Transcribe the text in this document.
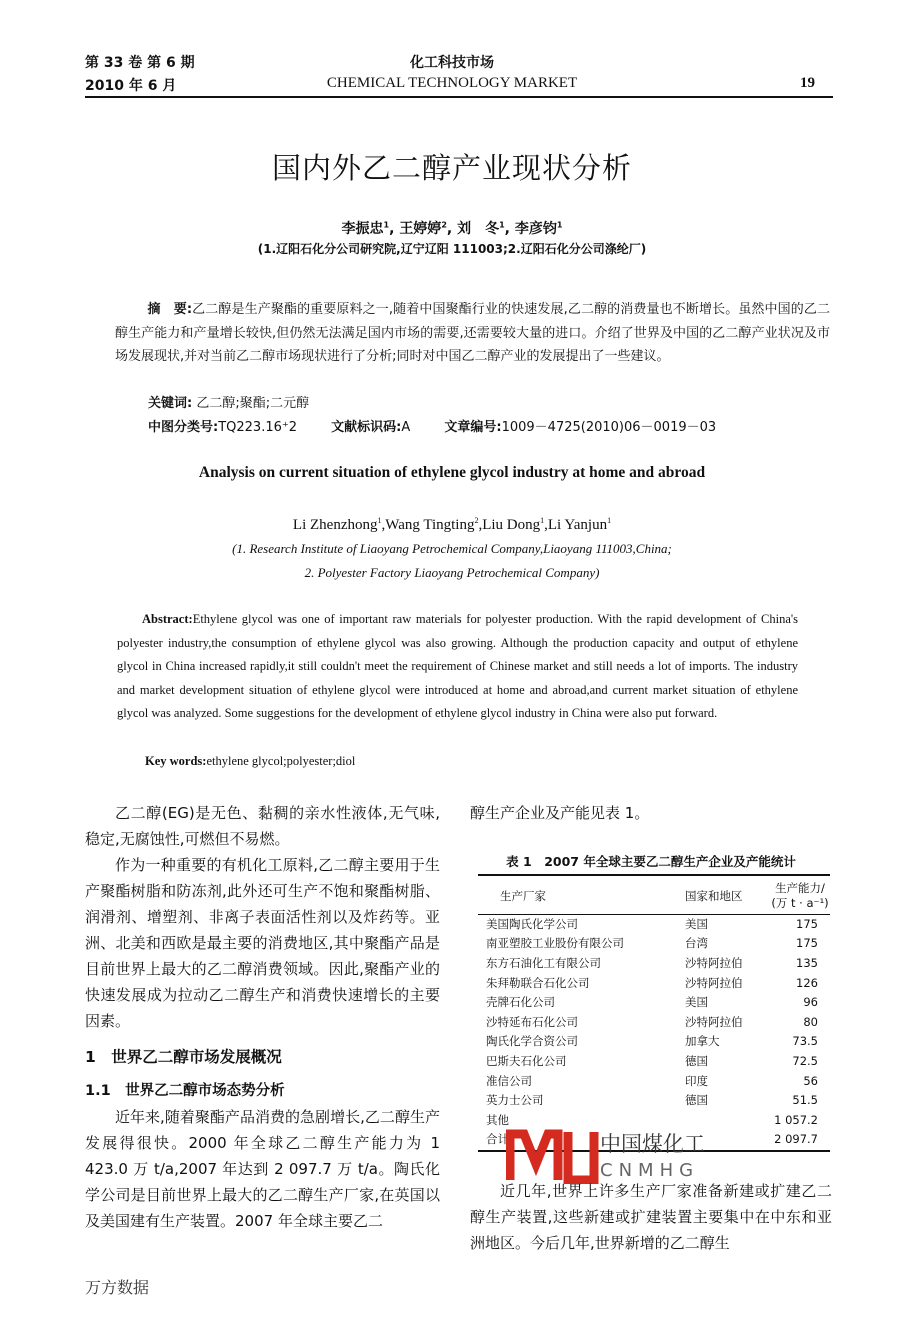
第 33 卷 第 6 期
2010 年 6 月
化工科技市场
CHEMICAL TECHNOLOGY MARKET	19
国内外乙二醇产业现状分析
李振忠$^1$, 王婷婷$^2$, 刘　冬$^1$, 李彦钧$^1$
(1.辽阳石化分公司研究院,辽宁辽阳 111003;2.辽阳石化分公司涤纶厂)
摘　要:乙二醇是生产聚酯的重要原料之一,随着中国聚酯行业的快速发展,乙二醇的消费量也不断增长。虽然中国的乙二醇生产能力和产量增长较快,但仍然无法满足国内市场的需要,还需要较大量的进口。介绍了世界及中国的乙二醇产业状况及市场发展现状,并对当前乙二醇市场现状进行了分析;同时对中国乙二醇产业的发展提出了一些建议。
关键词: 乙二醇;聚酯;二元醇
中图分类号:TQ223.16⁺2	文献标识码:A	文章编号:1009－4725(2010)06－0019－03
Analysis on current situation of ethylene glycol industry at home and abroad
Li Zhenzhong$^1$,Wang Tingting$^2$,Liu Dong$^1$,Li Yanjun$^1$
(1. Research Institute of Liaoyang Petrochemical Company,Liaoyang 111003,China;
2. Polyester Factory Liaoyang Petrochemical Company)
Abstract:Ethylene glycol was one of important raw materials for polyester production. With the rapid development of China's polyester industry,the consumption of ethylene glycol was also growing. Although the production capacity and output of ethylene glycol in China increased rapidly,it still couldn't meet the requirement of Chinese market and still needs a lot of imports. The industry and market development situation of ethylene glycol were introduced at home and abroad,and current market situation of ethylene glycol was analyzed. Some suggestions for the development of ethylene glycol industry in China were also put forward.
Key words:ethylene glycol;polyester;diol
乙二醇(EG)是无色、黏稠的亲水性液体,无气味,稳定,无腐蚀性,可燃但不易燃。
作为一种重要的有机化工原料,乙二醇主要用于生产聚酯树脂和防冻剂,此外还可生产不饱和聚酯树脂、润滑剂、增塑剂、非离子表面活性剂以及炸药等。亚洲、北美和西欧是最主要的消费地区,其中聚酯产品是目前世界上最大的乙二醇消费领域。因此,聚酯产业的快速发展成为拉动乙二醇生产和消费快速增长的主要因素。
1　世界乙二醇市场发展概况
1.1　世界乙二醇市场态势分析
近年来,随着聚酯产品消费的急剧增长,乙二醇生产发展得很快。2000 年全球乙二醇生产能力为 1 423.0 万 t/a,2007 年达到 2 097.7 万 t/a。陶氏化学公司是目前世界上最大的乙二醇生产厂家,在英国以及美国建有生产装置。2007 年全球主要乙二
醇生产企业及产能见表 1。
表 1　2007 年全球主要乙二醇生产企业及产能统计
生产厂家	国家和地区	生产能力/
(万 t · a⁻¹)
美国陶氏化学公司	美国	175
南亚塑胶工业股份有限公司	台湾	175
东方石油化工有限公司	沙特阿拉伯	135
朱拜勒联合石化公司	沙特阿拉伯	126
壳牌石化公司	美国	96
沙特延布石化公司	沙特阿拉伯	80
陶氏化学合资公司	加拿大	73.5
巴斯夫石化公司	德国	72.5
准信公司	印度	56
英力士公司	德国	51.5
其他		1 057.2
合计		2 097.7
中国煤化工
CNMHG
近几年,世界上许多生产厂家准备新建或扩建乙二醇生产装置,这些新建或扩建装置主要集中在中东和亚洲地区。今后几年,世界新增的乙二醇生
万方数据
